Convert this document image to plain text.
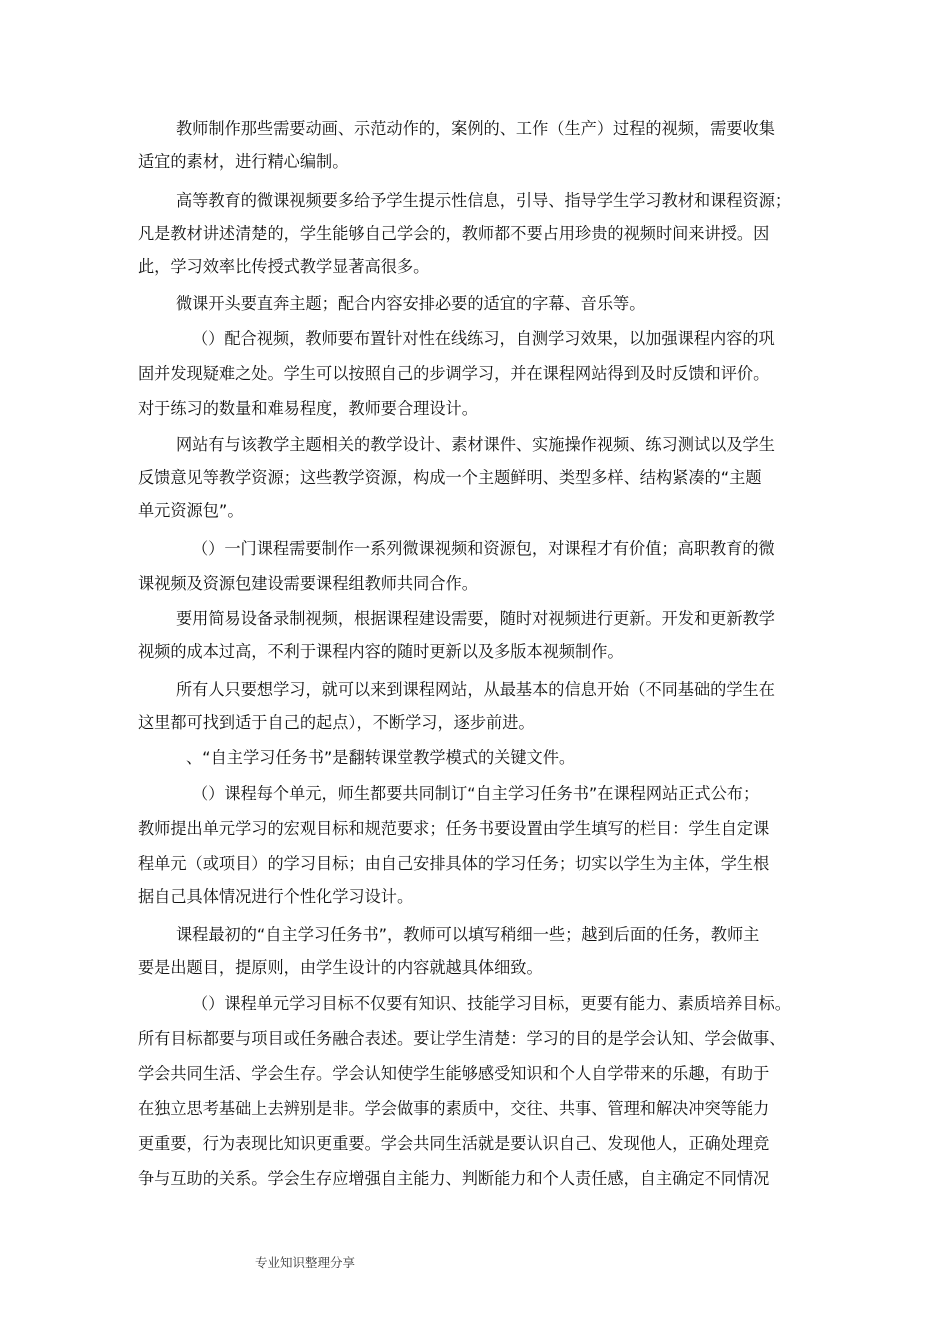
教师制作那些需要动画、示范动作的，案例的、工作（生产）过程的视频，需要收集
适宜的素材，进行精心编制。
高等教育的微课视频要多给予学生提示性信息，引导、指导学生学习教材和课程资源；
凡是教材讲述清楚的，学生能够自己学会的，教师都不要占用珍贵的视频时间来讲授。因
此，学习效率比传授式教学显著高很多。
微课开头要直奔主题；配合内容安排必要的适宜的字幕、音乐等。
（）配合视频，教师要布置针对性在线练习，自测学习效果，以加强课程内容的巩
固并发现疑难之处。学生可以按照自己的步调学习，并在课程网站得到及时反馈和评价。
对于练习的数量和难易程度，教师要合理设计。
网站有与该教学主题相关的教学设计、素材课件、实施操作视频、练习测试以及学生
反馈意见等教学资源；这些教学资源，构成一个主题鲜明、类型多样、结构紧凑的“主题
单元资源包”。
（）一门课程需要制作一系列微课视频和资源包，对课程才有价值；高职教育的微
课视频及资源包建设需要课程组教师共同合作。
要用简易设备录制视频，根据课程建设需要，随时对视频进行更新。开发和更新教学
视频的成本过高，不利于课程内容的随时更新以及多版本视频制作。
所有人只要想学习，就可以来到课程网站，从最基本的信息开始（不同基础的学生在
这里都可找到适于自己的起点），不断学习，逐步前进。
、“自主学习任务书”是翻转课堂教学模式的关键文件。
（）课程每个单元，师生都要共同制订“自主学习任务书”在课程网站正式公布；
教师提出单元学习的宏观目标和规范要求；任务书要设置由学生填写的栏目：学生自定课
程单元（或项目）的学习目标；由自己安排具体的学习任务；切实以学生为主体，学生根
据自己具体情况进行个性化学习设计。
课程最初的“自主学习任务书”，教师可以填写稍细一些；越到后面的任务，教师主
要是出题目，提原则，由学生设计的内容就越具体细致。
（）课程单元学习目标不仅要有知识、技能学习目标，更要有能力、素质培养目标。
所有目标都要与项目或任务融合表述。要让学生清楚：学习的目的是学会认知、学会做事、
学会共同生活、学会生存。学会认知使学生能够感受知识和个人自学带来的乐趣，有助于
在独立思考基础上去辨别是非。学会做事的素质中，交往、共事、管理和解决冲突等能力
更重要，行为表现比知识更重要。学会共同生活就是要认识自己、发现他人，正确处理竞
争与互助的关系。学会生存应增强自主能力、判断能力和个人责任感，自主确定不同情况
专业知识整理分享
